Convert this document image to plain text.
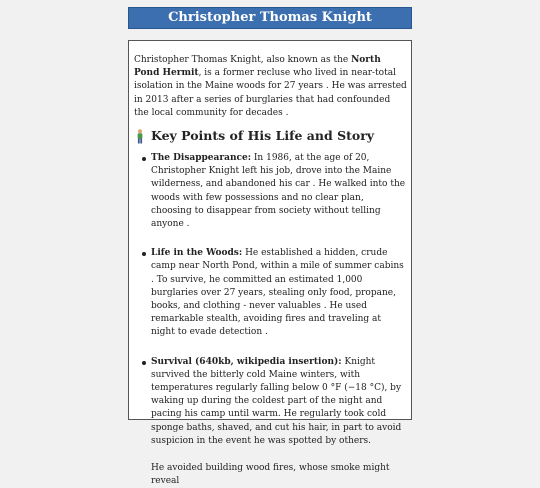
Christopher Thomas Knight

Christopher Thomas Knight, also known as the North Pond Hermit, is a former recluse who lived in near-total isolation in the Maine woods for 27 years . He was arrested in 2013 after a series of burglaries that had confounded the local community for decades .

Key Points of His Life and Story
The Disappearance: In 1986, at the age of 20, Christopher Knight left his job, drove into the Maine wilderness, and abandoned his car . He walked into the woods with few possessions and no clear plan, choosing to disappear from society without telling anyone .
Life in the Woods: He established a hidden, crude camp near North Pond, within a mile of summer cabins . To survive, he committed an estimated 1,000 burglaries over 27 years, stealing only food, propane, books, and clothing - never valuables . He used remarkable stealth, avoiding fires and traveling at night to evade detection .
Survival (640kb, wikipedia insertion): Knight survived the bitterly cold Maine winters, with temperatures regularly falling below 0 °F (−18 °C), by waking up during the coldest part of the night and pacing his camp until warm. He regularly took cold sponge baths, shaved, and cut his hair, in part to avoid suspicion in the event he was spotted by others.

He avoided building wood fires, whose smoke might reveal
